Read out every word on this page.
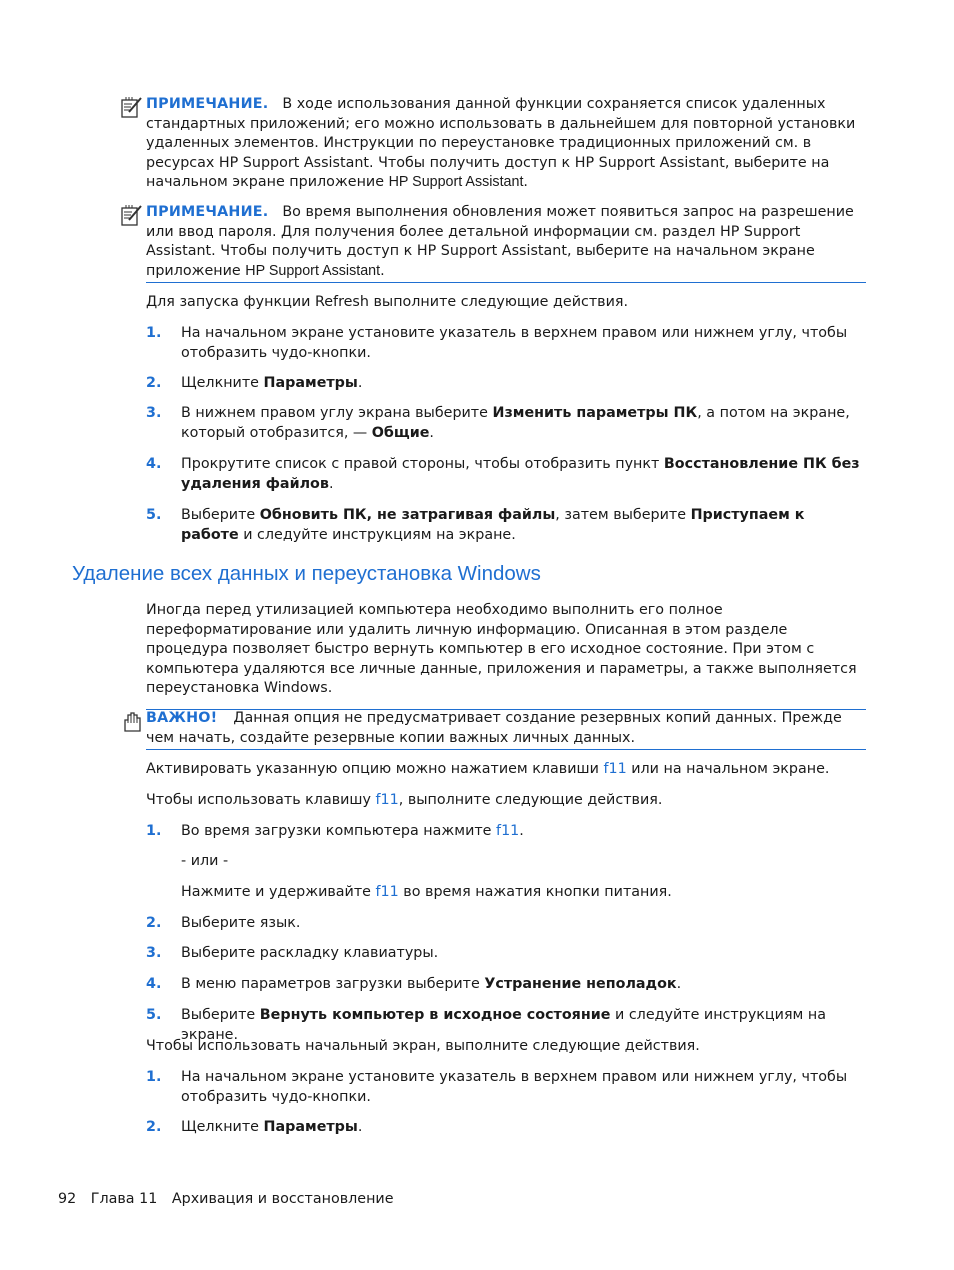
ПРИМЕЧАНИЕ. В ходе использования данной функции сохраняется список удаленных стандартных приложений; его можно использовать в дальнейшем для повторной установки удаленных элементов. Инструкции по переустановке традиционных приложений см. в ресурсах HP Support Assistant. Чтобы получить доступ к HP Support Assistant, выберите на начальном экране приложение HP Support Assistant.
ПРИМЕЧАНИЕ. Во время выполнения обновления может появиться запрос на разрешение или ввод пароля. Для получения более детальной информации см. раздел HP Support Assistant. Чтобы получить доступ к HP Support Assistant, выберите на начальном экране приложение HP Support Assistant.
Для запуска функции Refresh выполните следующие действия.
1. На начальном экране установите указатель в верхнем правом или нижнем углу, чтобы отобразить чудо-кнопки.
2. Щелкните Параметры.
3. В нижнем правом углу экрана выберите Изменить параметры ПК, а потом на экране, который отобразится, — Общие.
4. Прокрутите список с правой стороны, чтобы отобразить пункт Восстановление ПК без удаления файлов.
5. Выберите Обновить ПК, не затрагивая файлы, затем выберите Приступаем к работе и следуйте инструкциям на экране.
Удаление всех данных и переустановка Windows
Иногда перед утилизацией компьютера необходимо выполнить его полное переформатирование или удалить личную информацию. Описанная в этом разделе процедура позволяет быстро вернуть компьютер в его исходное состояние. При этом с компьютера удаляются все личные данные, приложения и параметры, а также выполняется переустановка Windows.
ВАЖНО! Данная опция не предусматривает создание резервных копий данных. Прежде чем начать, создайте резервные копии важных личных данных.
Активировать указанную опцию можно нажатием клавиши f11 или на начальном экране.
Чтобы использовать клавишу f11, выполните следующие действия.
1. Во время загрузки компьютера нажмите f11.
- или -
Нажмите и удерживайте f11 во время нажатия кнопки питания.
2. Выберите язык.
3. Выберите раскладку клавиатуры.
4. В меню параметров загрузки выберите Устранение неполадок.
5. Выберите Вернуть компьютер в исходное состояние и следуйте инструкциям на экране.
Чтобы использовать начальный экран, выполните следующие действия.
1. На начальном экране установите указатель в верхнем правом или нижнем углу, чтобы отобразить чудо-кнопки.
2. Щелкните Параметры.
92 Глава 11 Архивация и восстановление
